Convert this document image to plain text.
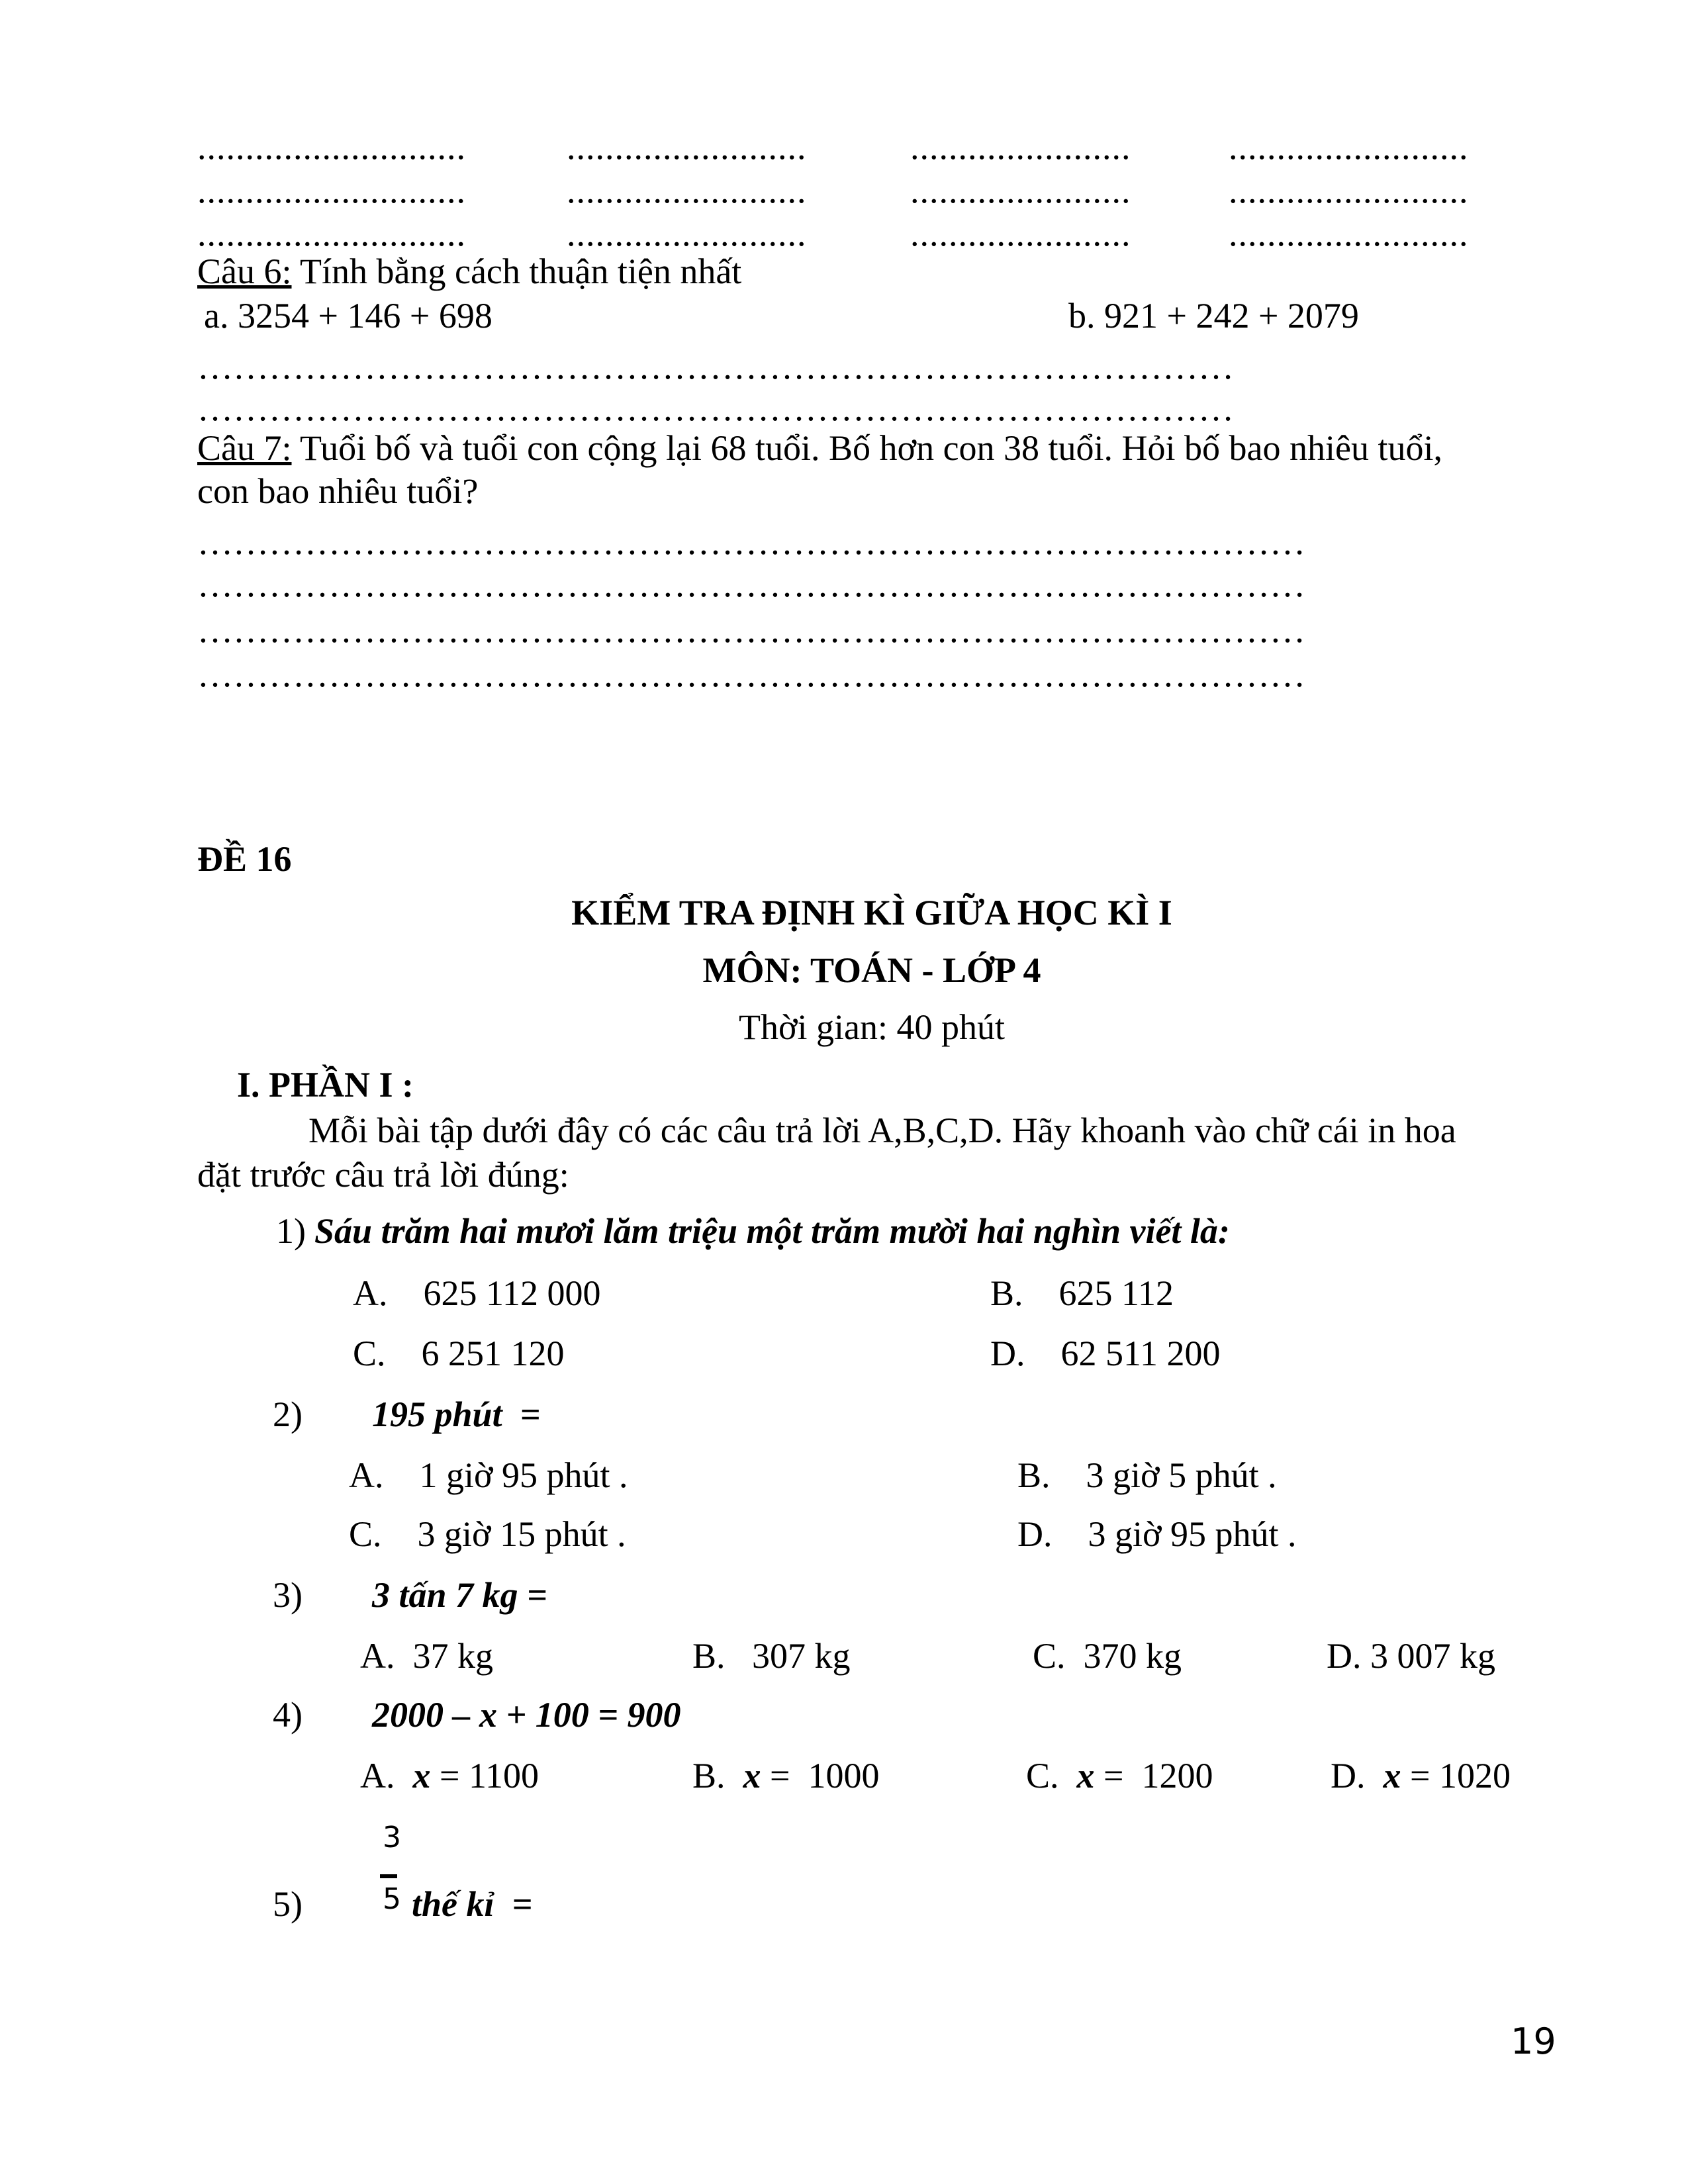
............................	.........................	.......................	.........................
............................	.........................	.......................	.........................
............................	.........................	.......................	.........................
Câu 6: Tính bằng cách thuận tiện nhất
a. 3254 + 146 + 698	b. 921 + 242 + 2079
……………………………………………………………………………
……………………………………………………………………………
Câu 7: Tuổi bố và tuổi con cộng lại 68 tuổi. Bố hơn con 38 tuổi. Hỏi bố bao nhiêu tuổi,
con bao nhiêu tuổi?
…………………………………………………………………………………
…………………………………………………………………………………
…………………………………………………………………………………
…………………………………………………………………………………
ĐỀ 16
KIỂM TRA ĐỊNH KÌ GIỮA HỌC KÌ I
MÔN: TOÁN - LỚP 4
Thời gian: 40 phút
I. PHẦN I :
Mỗi bài tập dưới đây có các câu trả lời A,B,C,D. Hãy khoanh vào chữ cái in hoa
đặt trước câu trả lời đúng:
1) Sáu trăm hai mươi lăm triệu một trăm mười hai nghìn viết là:
A.    625 112 000	B.    625 112
C.    6 251 120	D.    62 511 200
2) 195 phút  =
A.    1 giờ 95 phút .	B.    3 giờ 5 phút .
C.    3 giờ 15 phút .	D.    3 giờ 95 phút .
3) 3 tấn 7 kg =
A.  37 kg	B.   307 kg	C.  370 kg	D. 3 007 kg
4) 2000 – x + 100 = 900
A. x = 1100	B. x =  1000	C. x =  1200	D. x = 1020
5)
3
5 thế kỉ  =
19
